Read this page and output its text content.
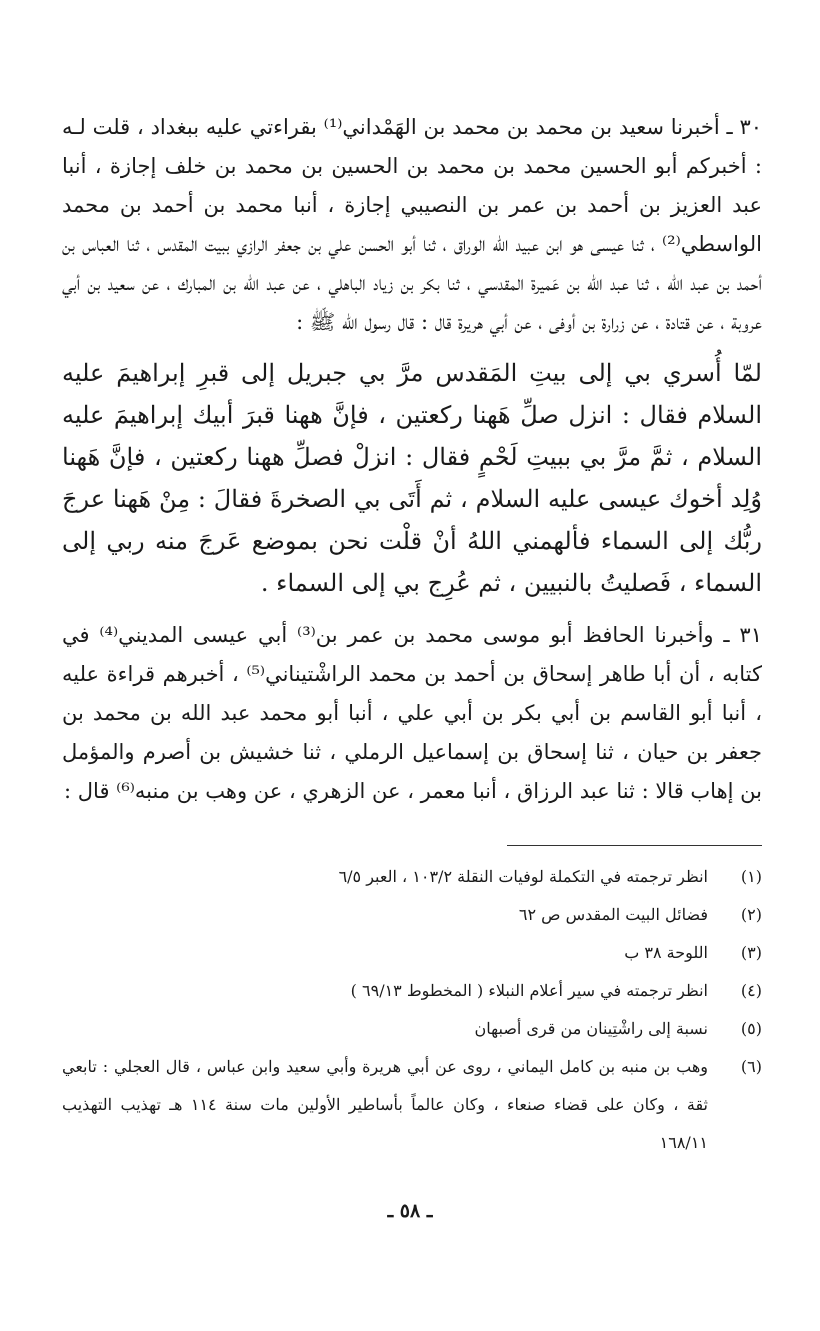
٣٠ ـ أخبرنا سعيد بن محمد بن محمد بن الهَمْداني⁽¹⁾ بقراءتي عليه ببغداد ، قلت لـه : أخبركم أبو الحسين محمد بن محمد بن الحسين بن محمد بن خلف إجازة ، أنبا عبد العزيز بن أحمد بن عمر بن النصيبي إجازة ، أنبا محمد بن أحمد بن محمد الواسطي⁽²⁾ ، ثنا عيسى هو ابن عبيد الله الوراق ، ثنا أبو الحسن علي بن جعفر الرازي ببيت المقدس ، ثنا العباس بن أحمد بن عبد الله ، ثنا عبد الله بن عَميرة المقدسي ، ثنا بكر بن زياد الباهلي ، عن عبد الله بن المبارك ، عن سعيد بن أبي عروبة ، عن قتادة ، عن زرارة بن أوفى ، عن أبي هريرة قال : قال رسول الله ﷺ :

لمّا أُسري بي إلى بيتِ المَقدس مرَّ بي جبريل إلى قبرِ إبراهيمَ عليه السلام فقال : انزل صلِّ هَهنا ركعتين ، فإنَّ ههنا قبرَ أبيك إبراهيمَ عليه السلام ، ثمَّ مرَّ بي ببيتِ لَحْمٍ فقال : انزلْ فصلِّ ههنا ركعتين ، فإنَّ هَهنا وُلِد أخوك عيسى عليه السلام ، ثم أَتَى بي الصخرةَ فقالَ : مِنْ هَهنا عرجَ ربُّك إلى السماء فألهمني اللهُ أنْ قلْت نحن بموضع عَرجَ منه ربي إلى السماء ، فَصليتُ بالنبيين ، ثم عُرِج بي إلى السماء .

٣١ ـ وأخبرنا الحافظ أبو موسى محمد بن عمر بن⁽³⁾ أبي عيسى المديني⁽⁴⁾ في كتابه ، أن أبا طاهر إسحاق بن أحمد بن محمد الراشْتيناني⁽⁵⁾ ، أخبرهم قراءة عليه ، أنبا أبو القاسم بن أبي بكر بن أبي علي ، أنبا أبو محمد عبد الله بن محمد بن جعفر بن حيان ، ثنا إسحاق بن إسماعيل الرملي ، ثنا خشيش بن أصرم والمؤمل بن إهاب قالا : ثنا عبد الرزاق ، أنبا معمر ، عن الزهري ، عن وهب بن منبه⁽⁶⁾ قال :

(١)
انظر ترجمته في التكملة لوفيات النقلة ١٠٣/٢ ، العبر ٦/٥
(٢)
فضائل البيت المقدس ص ٦٢
(٣)
اللوحة ٣٨ ب
(٤)
انظر ترجمته في سير أعلام النبلاء ( المخطوط ٦٩/١٣ )
(٥)
نسبة إلى راشْتِينان من قرى أصبهان
(٦)
وهب بن منبه بن كامل اليماني ، روى عن أبي هريرة وأبي سعيد وابن عباس ، قال العجلي : تابعي ثقة ، وكان على قضاء صنعاء ، وكان عالماً بأساطير الأولين مات سنة ١١٤ هـ تهذيب التهذيب ١٦٨/١١
ـ ٥٨ ـ
